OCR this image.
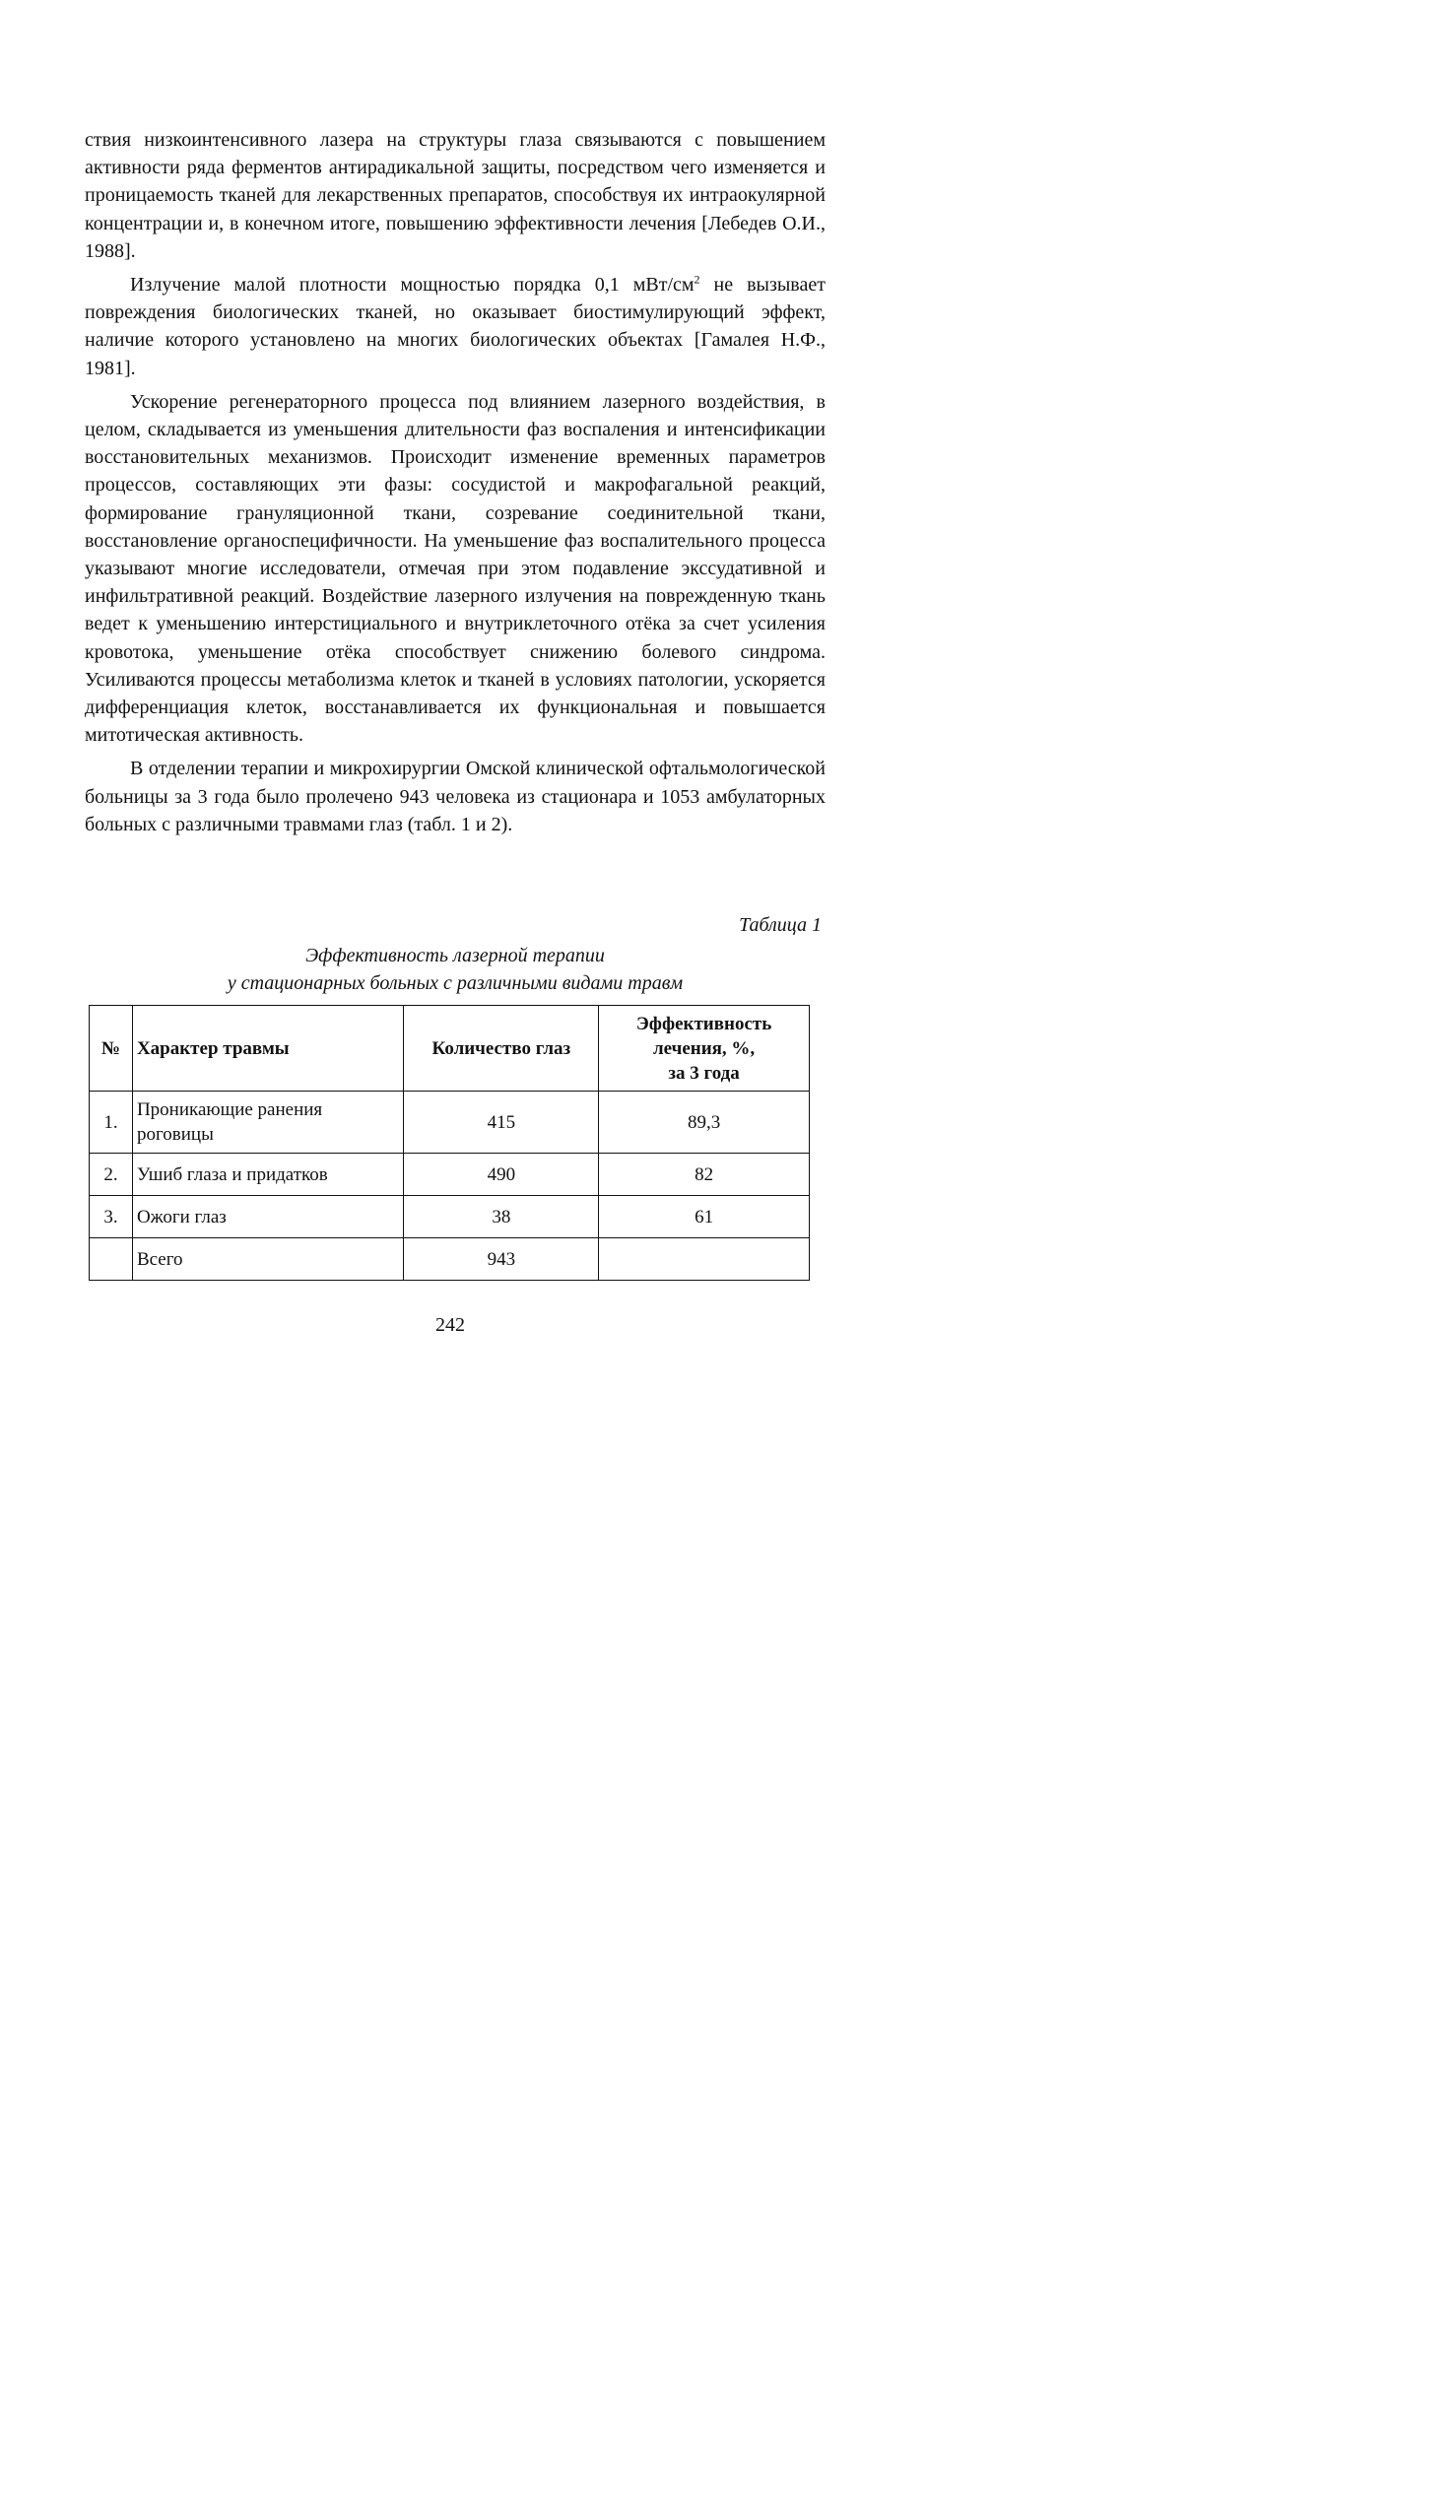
ствия низкоинтенсивного лазера на структуры глаза связываются с повышением активности ряда ферментов антирадикальной защиты, посредством чего изменяется и проницаемость тканей для лекарственных препаратов, способствуя их интраокулярной концентрации и, в конечном итоге, повышению эффективности лечения [Лебедев О.И., 1988].

Излучение малой плотности мощностью порядка 0,1 мВт/$см^2$ не вызывает повреждения биологических тканей, но оказывает биостимулирующий эффект, наличие которого установлено на многих биологических объектах [Гамалея Н.Ф., 1981].

Ускорение регенераторного процесса под влиянием лазерного воздействия, в целом, складывается из уменьшения длительности фаз воспаления и интенсификации восстановительных механизмов. Происходит изменение временных параметров процессов, составляющих эти фазы: сосудистой и макрофагальной реакций, формирование грануляционной ткани, созревание соединительной ткани, восстановление органоспецифичности. На уменьшение фаз воспалительного процесса указывают многие исследователи, отмечая при этом подавление экссудативной и инфильтративной реакций. Воздействие лазерного излучения на поврежденную ткань ведет к уменьшению интерстициального и внутриклеточного отёка за счет усиления кровотока, уменьшение отёка способствует снижению болевого синдрома. Усиливаются процессы метаболизма клеток и тканей в условиях патологии, ускоряется дифференциация клеток, восстанавливается их функциональная и повышается митотическая активность.

В отделении терапии и микрохирургии Омской клинической офтальмологической больницы за 3 года было пролечено 943 человека из стационара и 1053 амбулаторных больных с различными травмами глаз (табл. 1 и 2).

Таблица 1
Эффективность лазерной терапии
у стационарных больных с различными видами травм
№	Характер травмы	Количество глаз	Эффективность
лечения, %,
за 3 года

1.	Проникающие ранения роговицы	415	89,3
2.	Ушиб глаза и придатков	490	82
3.	Ожоги глаз	38	61
	Всего	943	
242
